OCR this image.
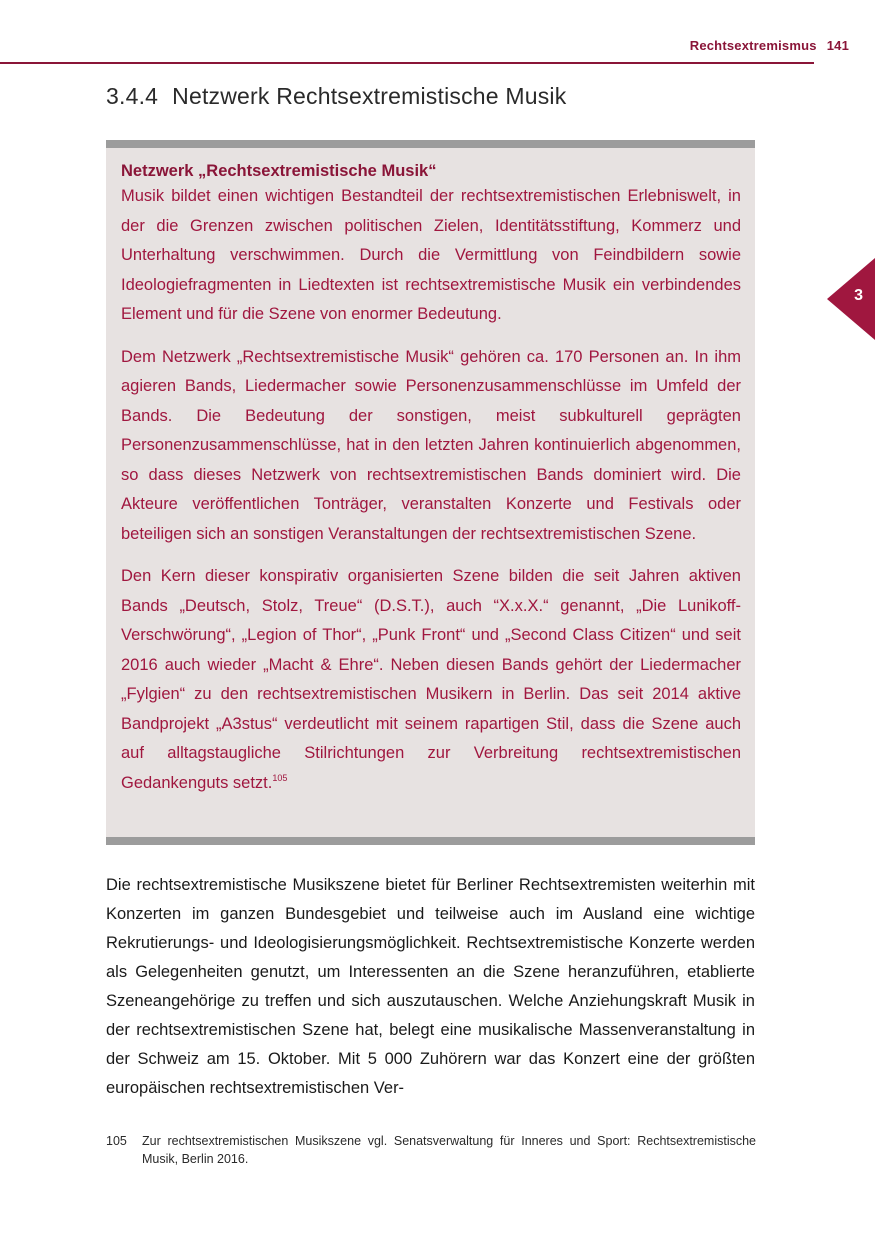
Rechtsextremismus 141
3.4.4 Netzwerk Rechtsextremistische Musik
3
Netzwerk „Rechtsextremistische Musik“

Musik bildet einen wichtigen Bestandteil der rechtsextremistischen Erlebniswelt, in der die Grenzen zwischen politischen Zielen, Identitätsstiftung, Kommerz und Unterhaltung verschwimmen. Durch die Vermittlung von Feindbildern sowie Ideologiefragmenten in Liedtexten ist rechtsextremistische Musik ein verbindendes Element und für die Szene von enormer Bedeutung.

Dem Netzwerk „Rechtsextremistische Musik“ gehören ca. 170 Personen an. In ihm agieren Bands, Liedermacher sowie Personenzusammenschlüsse im Umfeld der Bands. Die Bedeutung der sonstigen, meist subkulturell geprägten Personenzusammenschlüsse, hat in den letzten Jahren kontinuierlich abgenommen, so dass dieses Netzwerk von rechtsextremistischen Bands dominiert wird. Die Akteure veröffentlichen Tonträger, veranstalten Konzerte und Festivals oder beteiligen sich an sonstigen Veranstaltungen der rechtsextremistischen Szene.

Den Kern dieser konspirativ organisierten Szene bilden die seit Jahren aktiven Bands „Deutsch, Stolz, Treue“ (D.S.T.), auch “X.x.X.“ genannt, „Die Lunikoff-Verschwörung“, „Legion of Thor“, „Punk Front“ und „Second Class Citizen“ und seit 2016 auch wieder „Macht & Ehre“. Neben diesen Bands gehört der Liedermacher „Fylgien“ zu den rechtsextremistischen Musikern in Berlin. Das seit 2014 aktive Bandprojekt „A3stus“ verdeutlicht mit seinem rapartigen Stil, dass die Szene auch auf alltagstaugliche Stilrichtungen zur Verbreitung rechtsextremistischen Gedankenguts setzt.$^{105}$

Die rechtsextremistische Musikszene bietet für Berliner Rechtsextremisten weiterhin mit Konzerten im ganzen Bundesgebiet und teilweise auch im Ausland eine wichtige Rekrutierungs- und Ideologisierungsmöglichkeit. Rechtsextremistische Konzerte werden als Gelegenheiten genutzt, um Interessenten an die Szene heranzuführen, etablierte Szeneangehörige zu treffen und sich auszutauschen. Welche Anziehungskraft Musik in der rechtsextremistischen Szene hat, belegt eine musikalische Massenveranstaltung in der Schweiz am 15. Oktober. Mit 5 000 Zuhörern war das Konzert eine der größten europäischen rechtsextremistischen Ver-

105	Zur rechtsextremistischen Musikszene vgl. Senatsverwaltung für Inneres und Sport: Rechtsextremistische Musik, Berlin 2016.
